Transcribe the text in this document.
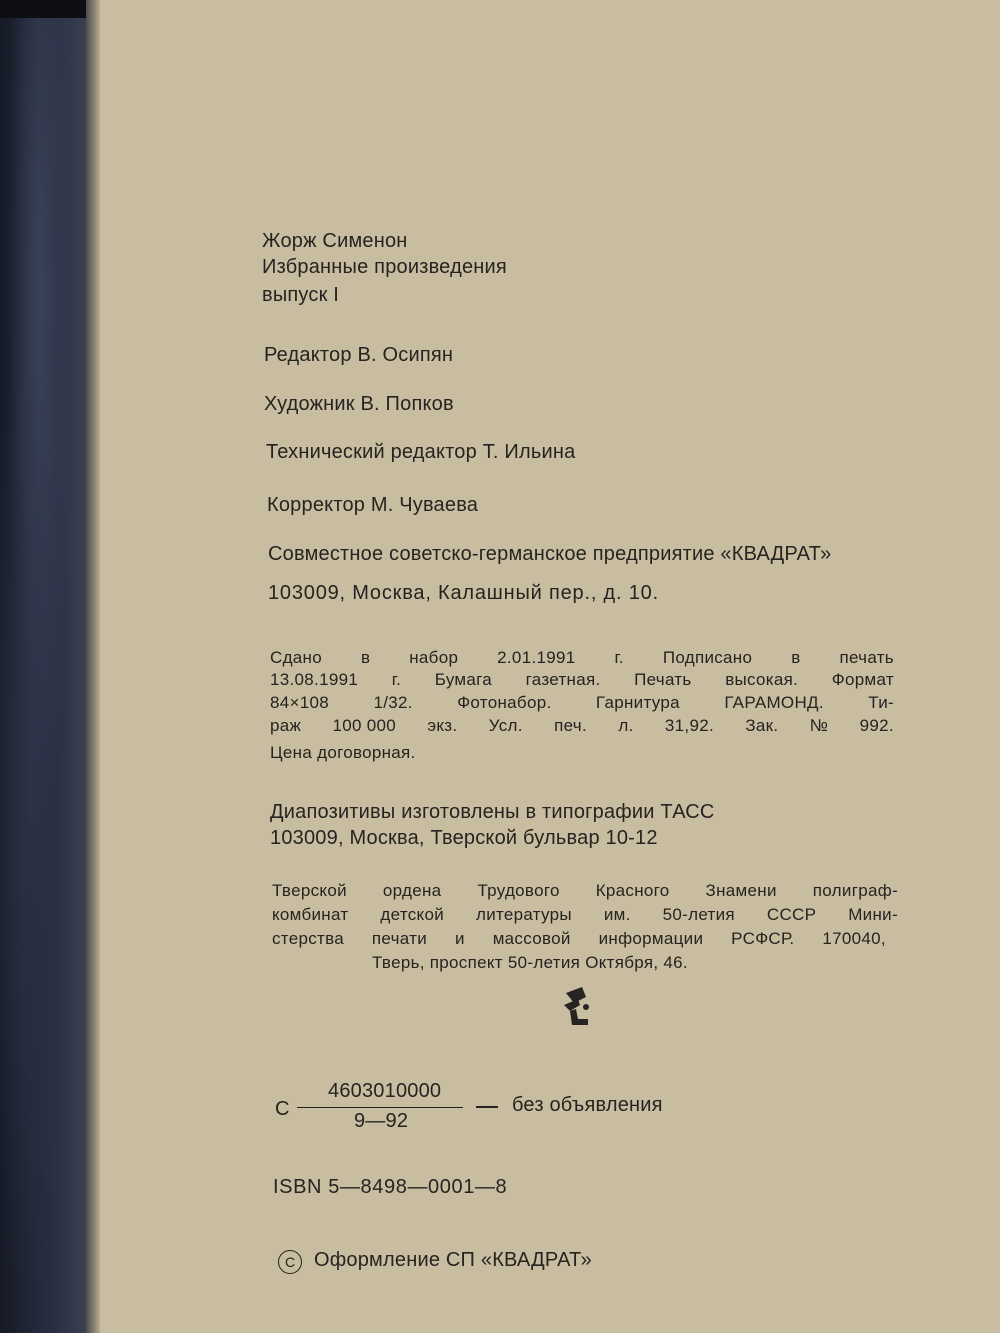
Жорж Сименон
Избранные произведения
выпуск I
Редактор В. Осипян
Художник В. Попков
Технический редактор Т. Ильина
Корректор М. Чуваева
Совместное советско-германское предприятие «КВАДРАТ»
103009, Москва, Калашный пер., д. 10.
Сдано в набор 2.01.1991 г. Подписано в печать
13.08.1991 г. Бумага газетная. Печать высокая. Формат
84×108	1/32.	Фотонабор.	Гарнитура	ГАРАМОНД.	Ти-
раж 100 000 экз. Усл. печ. л. 31,92. Зак. № 992.
Цена договорная.
Диапозитивы изготовлены в типографии ТАСС
103009, Москва, Тверской бульвар 10-12
Тверской ордена Трудового Красного Знамени полиграф-
комбинат детской литературы им. 50-летия СССР Мини-
стерства печати и массовой информации РСФСР. 170040,
Тверь, проспект 50-летия Октября, 46.
С
4603010000
9—92
без объявления
ISBN 5—8498—0001—8
С Оформление СП «КВАДРАТ»
